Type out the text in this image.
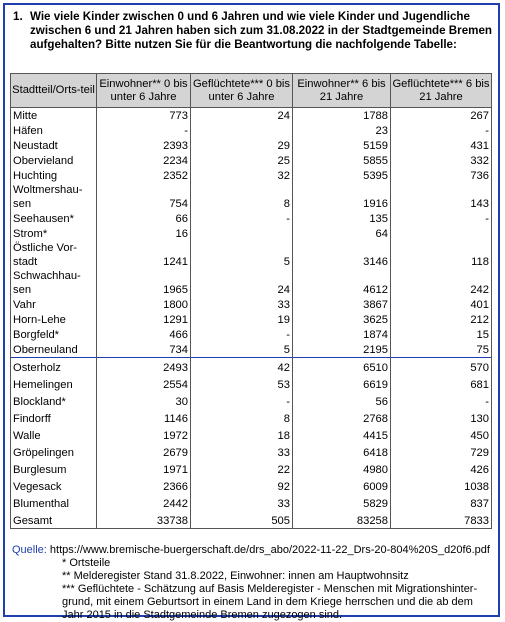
1. Wie viele Kinder zwischen 0 und 6 Jahren und wie viele Kinder und Jugendliche zwischen 6 und 21 Jahren haben sich zum 31.08.2022 in der Stadtgemeinde Bremen aufgehalten? Bitte nutzen Sie für die Beantwortung die nachfolgende Tabelle:
Stadtteil/Orts-teil	Einwohner** 0 bis unter 6 Jahre	Geflüchtete*** 0 bis unter 6 Jahre	Einwohner** 6 bis 21 Jahre	Geflüchtete*** 6 bis 21 Jahre
Mitte	773	24	1788	267
Häfen	-		23	-
Neustadt	2393	29	5159	431
Obervieland	2234	25	5855	332
Huchting	2352	32	5395	736
Woltmershau-sen	754	8	1916	143
Seehausen*	66	-	135	-
Strom*	16		64	
Östliche Vor-stadt	1241	5	3146	118
Schwachhau-sen	1965	24	4612	242
Vahr	1800	33	3867	401
Horn-Lehe	1291	19	3625	212
Borgfeld*	466	-	1874	15
Oberneuland	734	5	2195	75
Osterholz	2493	42	6510	570
Hemelingen	2554	53	6619	681
Blockland*	30	-	56	-
Findorff	1146	8	2768	130
Walle	1972	18	4415	450
Gröpelingen	2679	33	6418	729
Burglesum	1971	22	4980	426
Vegesack	2366	92	6009	1038
Blumenthal	2442	33	5829	837
Gesamt	33738	505	83258	7833
Quelle: https://www.bremische-buergerschaft.de/drs_abo/2022-11-22_Drs-20-804%20S_d20f6.pdf
* Ortsteile
** Melderegister Stand 31.8.2022, Einwohner: innen am Hauptwohnsitz
*** Geflüchtete - Schätzung auf Basis Melderegister - Menschen mit Migrationshinter-grund, mit einem Geburtsort in einem Land in dem Kriege herrschen und die ab dem Jahr 2015 in die Stadtgemeinde Bremen zugezogen sind.
